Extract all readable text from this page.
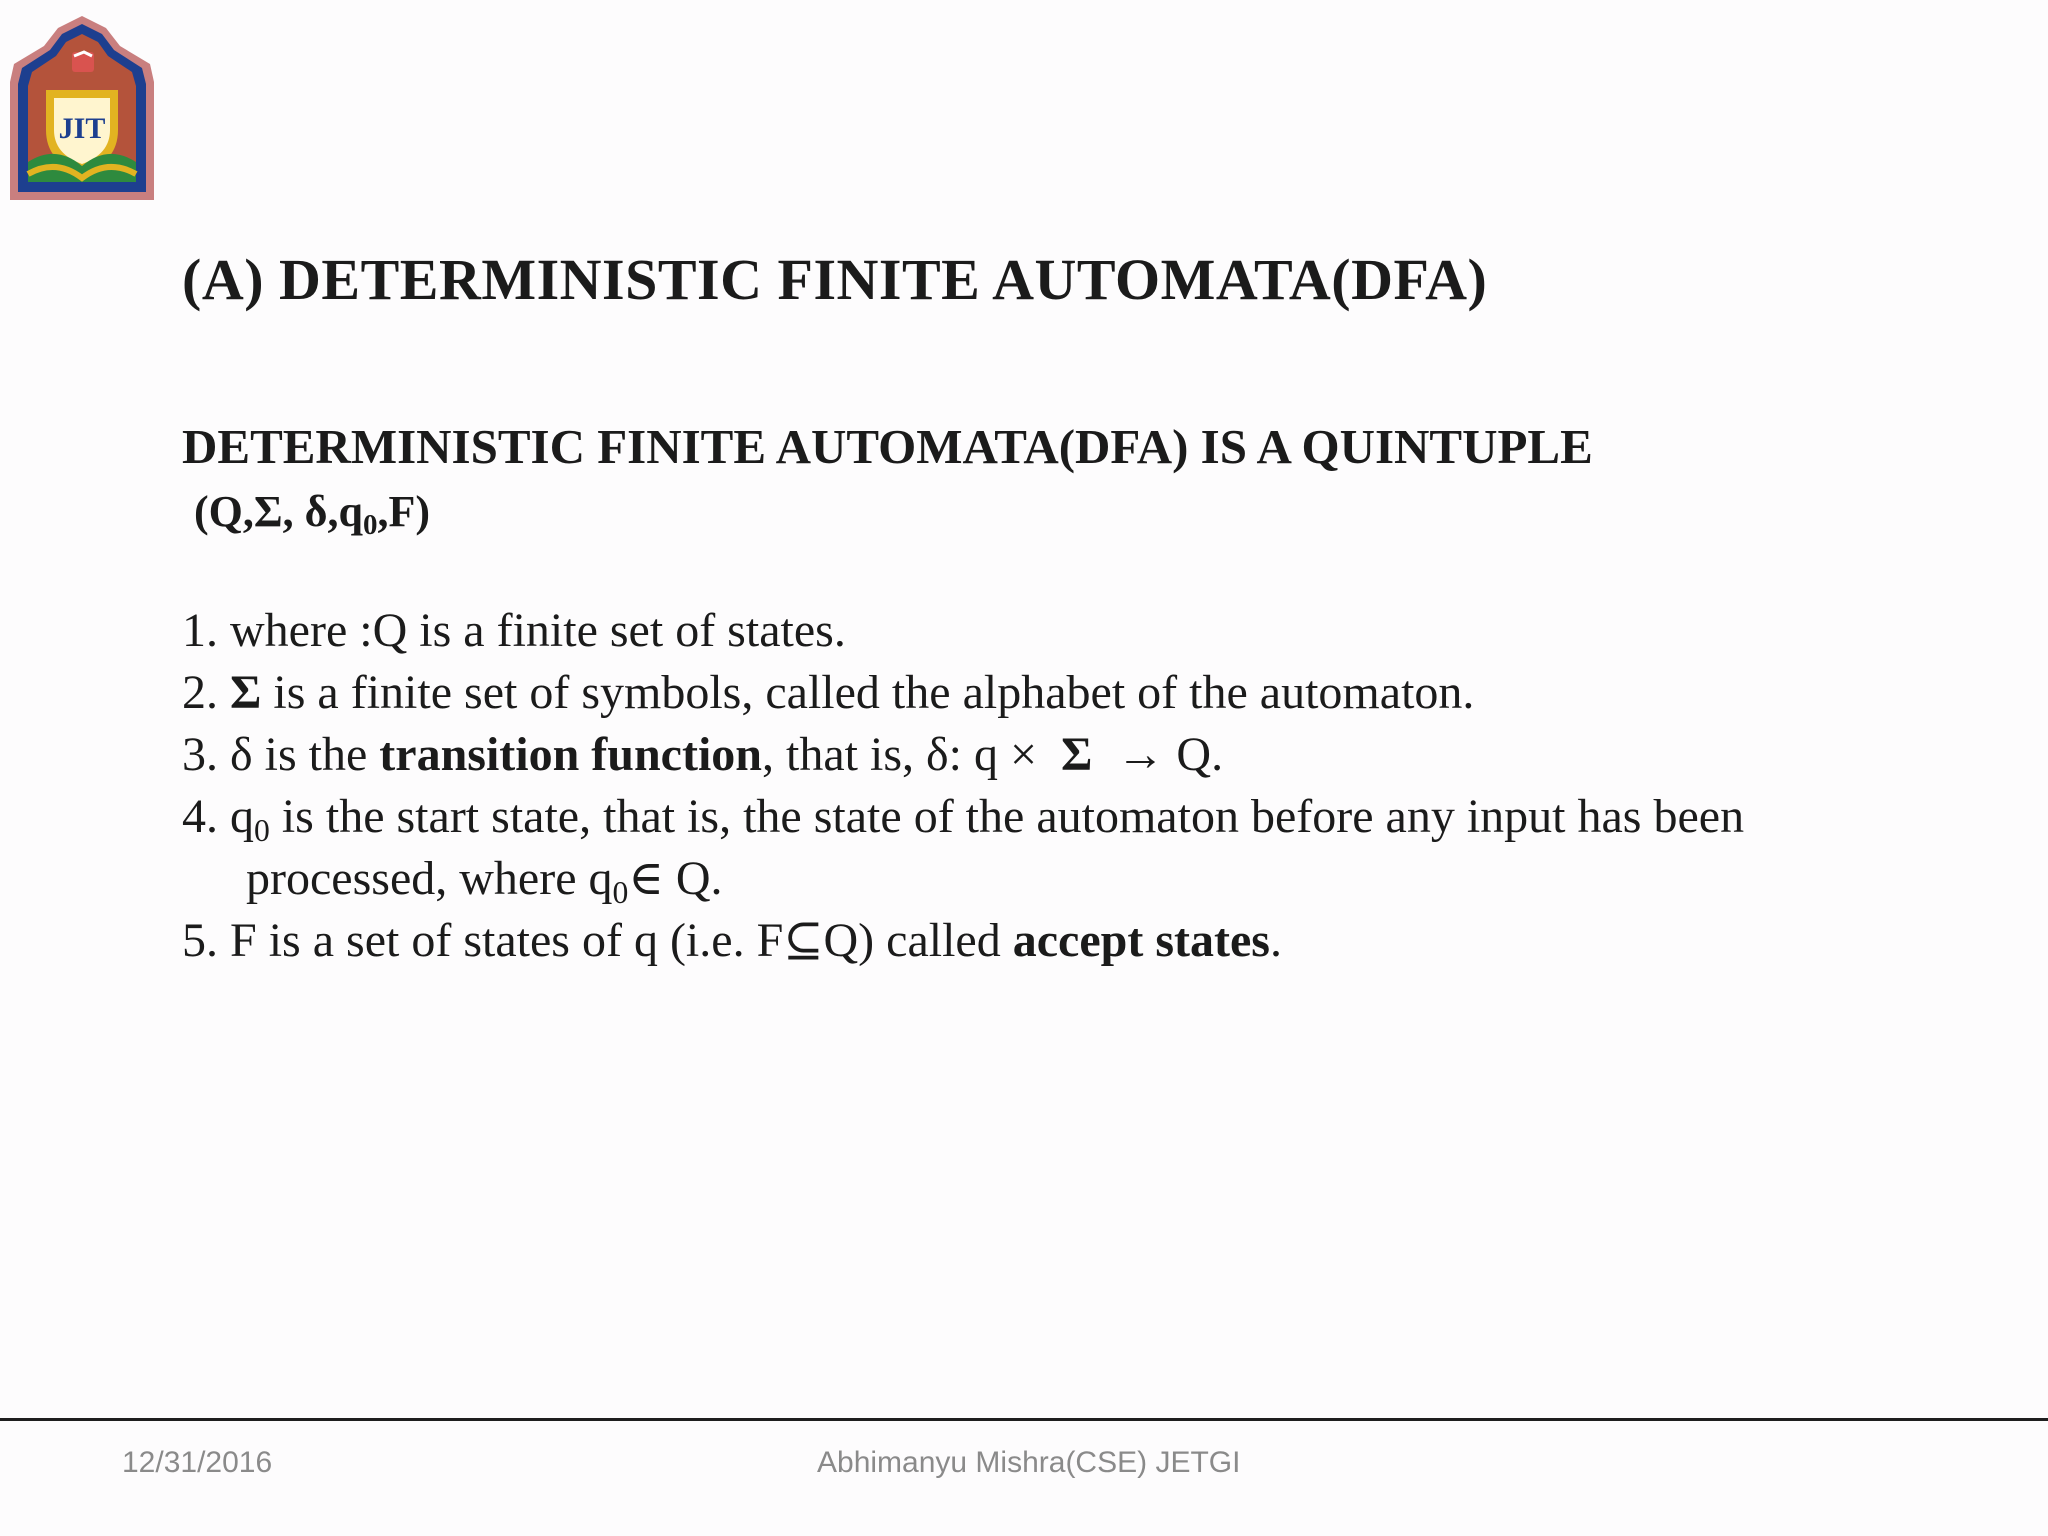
JIT
(A) DETERMINISTIC FINITE AUTOMATA(DFA)
DETERMINISTIC FINITE AUTOMATA(DFA) IS A QUINTUPLE
(Q,Σ, $\delta,q_0,F$)
1. where :Q is a finite set of states.
2. Σ is a finite set of symbols, called the alphabet of the automaton.
3. δ is the transition function, that is, δ: q × Σ → Q.
4. $q_0$ is the start state, that is, the state of the automaton before any input has been
processed, where $q_0\in$ Q.
5. F is a set of states of q (i.e. F⊆Q) called accept states.
12/31/2016	Abhimanyu Mishra(CSE) JETGI
